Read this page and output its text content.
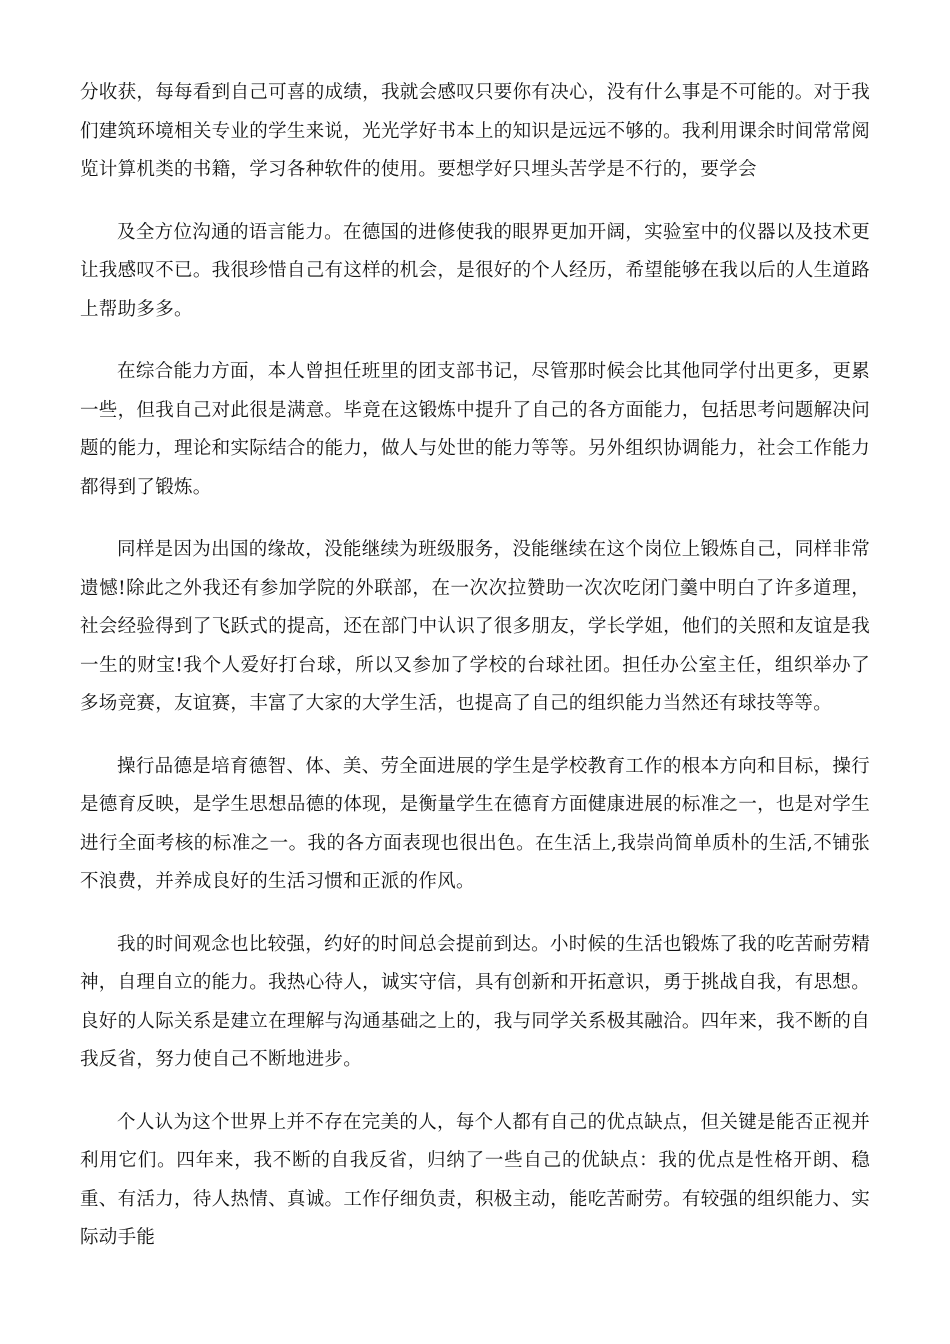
分收获，每每看到自己可喜的成绩，我就会感叹只要你有决心，没有什么事是不可能的。对于我们建筑环境相关专业的学生来说，光光学好书本上的知识是远远不够的。我利用课余时间常常阅览计算机类的书籍，学习各种软件的使用。要想学好只埋头苦学是不行的，要学会

及全方位沟通的语言能力。在德国的进修使我的眼界更加开阔，实验室中的仪器以及技术更让我感叹不已。我很珍惜自己有这样的机会，是很好的个人经历，希望能够在我以后的人生道路上帮助多多。

在综合能力方面，本人曾担任班里的团支部书记，尽管那时候会比其他同学付出更多，更累一些，但我自己对此很是满意。毕竟在这锻炼中提升了自己的各方面能力，包括思考问题解决问题的能力，理论和实际结合的能力，做人与处世的能力等等。另外组织协调能力，社会工作能力都得到了锻炼。

同样是因为出国的缘故，没能继续为班级服务，没能继续在这个岗位上锻炼自己，同样非常遗憾!除此之外我还有参加学院的外联部，在一次次拉赞助一次次吃闭门羹中明白了许多道理，社会经验得到了飞跃式的提高，还在部门中认识了很多朋友，学长学姐，他们的关照和友谊是我一生的财宝!我个人爱好打台球，所以又参加了学校的台球社团。担任办公室主任，组织举办了多场竞赛，友谊赛，丰富了大家的大学生活，也提高了自己的组织能力当然还有球技等等。

操行品德是培育德智、体、美、劳全面进展的学生是学校教育工作的根本方向和目标，操行是德育反映，是学生思想品德的体现，是衡量学生在德育方面健康进展的标准之一，也是对学生进行全面考核的标准之一。我的各方面表现也很出色。在生活上,我崇尚简单质朴的生活,不铺张不浪费，并养成良好的生活习惯和正派的作风。

我的时间观念也比较强，约好的时间总会提前到达。小时候的生活也锻炼了我的吃苦耐劳精神，自理自立的能力。我热心待人，诚实守信，具有创新和开拓意识，勇于挑战自我，有思想。良好的人际关系是建立在理解与沟通基础之上的，我与同学关系极其融洽。四年来，我不断的自我反省，努力使自己不断地进步。

个人认为这个世界上并不存在完美的人，每个人都有自己的优点缺点，但关键是能否正视并利用它们。四年来，我不断的自我反省，归纳了一些自己的优缺点：我的优点是性格开朗、稳重、有活力，待人热情、真诚。工作仔细负责，积极主动，能吃苦耐劳。有较强的组织能力、实际动手能
